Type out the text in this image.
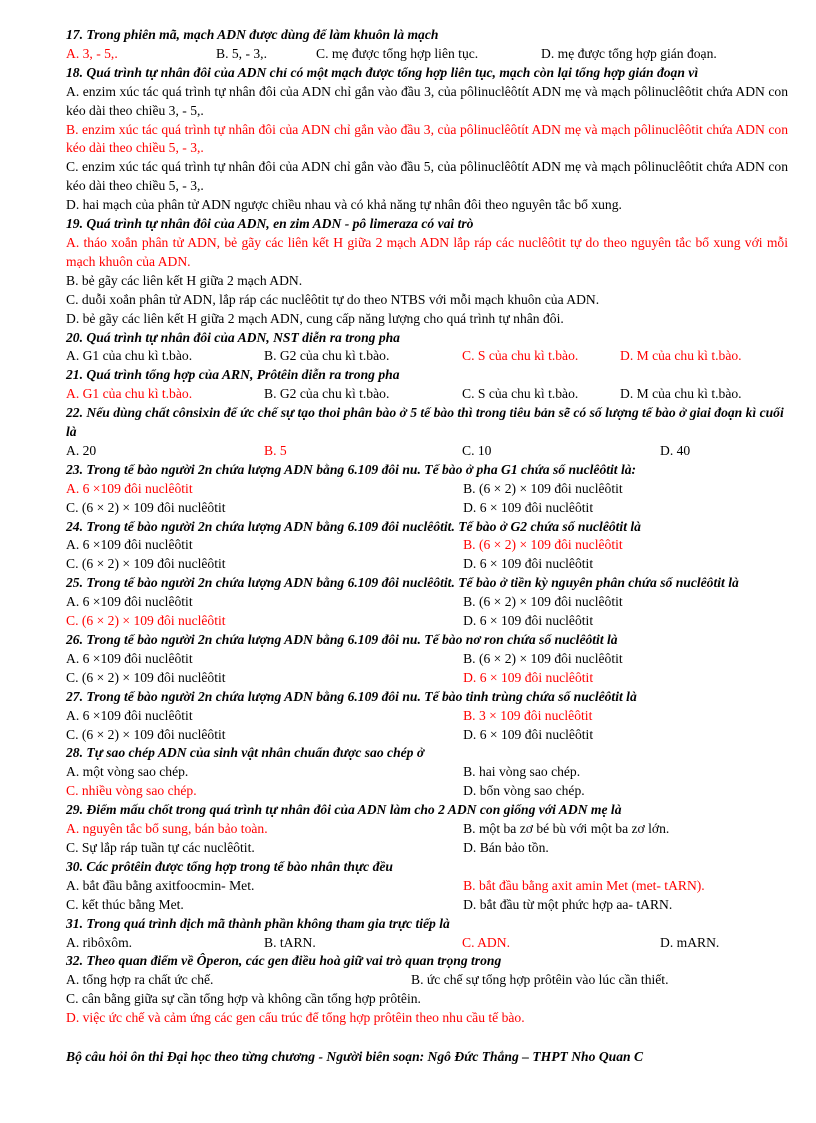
17. Trong phiên mã, mạch ADN được dùng để làm khuôn là mạch
A. 3, - 5,.	B. 5, - 3,.	C. mẹ được tổng hợp liên tục.	D. mẹ được tổng hợp gián đoạn.
18. Quá trình tự nhân đôi của ADN chỉ có một mạch được tổng hợp liên tục, mạch còn lại tổng hợp gián đoạn vì
A. enzim xúc tác quá trình tự nhân đôi của ADN chỉ gắn vào đầu 3, của pôlinuclêôtít ADN mẹ và mạch pôlinuclêôtit chứa ADN con kéo dài theo chiều 3, - 5,.
B. enzim xúc tác quá trình tự nhân đôi của ADN chỉ gắn vào đầu 3, của pôlinuclêôtít ADN mẹ và mạch pôlinuclêôtit chứa ADN con kéo dài theo chiều 5, - 3,.
C. enzim xúc tác quá trình tự nhân đôi của ADN chỉ gắn vào đầu 5, của pôlinuclêôtít ADN mẹ và mạch pôlinuclêôtit chứa ADN con kéo dài theo chiều 5, - 3,.
D. hai mạch của phân tử ADN ngược chiều nhau và có khả năng tự nhân đôi theo nguyên tắc bổ xung.
19. Quá trình tự nhân đôi của ADN, en zim ADN - pô limeraza có vai trò
A. tháo xoắn phân tử ADN, bẻ gãy các liên kết H giữa 2 mạch ADN lắp ráp các nuclêôtit tự do theo nguyên tắc bổ xung với mỗi mạch khuôn của ADN.
B. bẻ gãy các liên kết H giữa 2 mạch ADN.
C. duỗi xoắn phân tử ADN, lắp ráp các nuclêôtit tự do theo NTBS với mỗi mạch khuôn của ADN.
D. bẻ gãy các liên kết H giữa 2 mạch ADN, cung cấp năng lượng cho quá trình tự nhân đôi.
20. Quá trình tự nhân đôi của ADN, NST diễn ra trong pha
A. G1 của chu kì t.bào.	B. G2 của chu kì t.bào.	C. S của chu kì t.bào.	D. M của chu kì t.bào.
21. Quá trình tổng hợp của ARN, Prôtêin diễn ra trong pha
A. G1 của chu kì t.bào.	B. G2 của chu kì t.bào.	C. S của chu kì t.bào.	D. M của chu kì t.bào.
22. Nếu dùng chất cônsixin để ức chế sự tạo thoi phân bào ở 5 tế bào thì trong tiêu bản sẽ có số lượng tế bào ở giai đoạn kì cuối là
A. 20	B. 5	C. 10	D. 40
23. Trong tế bào người 2n chứa lượng ADN bằng 6.109 đôi nu. Tế bào ở pha G1 chứa số nuclêôtit là:
A. 6 ×109 đôi nuclêôtit	B. (6 × 2) × 109 đôi nuclêôtit
C. (6 × 2) × 109 đôi nuclêôtit	D. 6 × 109 đôi nuclêôtit
24. Trong tế bào người 2n chứa lượng ADN bằng 6.109 đôi nuclêôtit. Tế bào ở G2 chứa số nuclêôtit là
A. 6 ×109 đôi nuclêôtit	B. (6 × 2) × 109 đôi nuclêôtit
C. (6 × 2) × 109 đôi nuclêôtit	D. 6 × 109 đôi nuclêôtit
25. Trong tế bào người 2n chứa lượng ADN bằng 6.109 đôi nuclêôtit. Tế bào ở tiền kỳ nguyên phân chứa số nuclêôtit là
A. 6 ×109 đôi nuclêôtit	B. (6 × 2) × 109 đôi nuclêôtit
C. (6 × 2) × 109 đôi nuclêôtit	D. 6 × 109 đôi nuclêôtit
26. Trong tế bào người 2n chứa lượng ADN bằng 6.109 đôi nu. Tế bào nơ ron chứa số nuclêôtit là
A. 6 ×109 đôi nuclêôtit	B. (6 × 2) × 109 đôi nuclêôtit
C. (6 × 2) × 109 đôi nuclêôtit	D. 6 × 109 đôi nuclêôtit
27. Trong tế bào người 2n chứa lượng ADN bằng 6.109 đôi nu. Tế bào tinh trùng chứa số nuclêôtit là
A. 6 ×109 đôi nuclêôtit	B. 3 × 109 đôi nuclêôtit
C. (6 × 2) × 109 đôi nuclêôtit	D. 6 × 109 đôi nuclêôtit
28. Tự sao chép ADN của sinh vật nhân chuẩn được sao chép ở
A. một vòng sao chép.	B. hai vòng sao chép.
C. nhiều vòng sao chép.	D. bốn vòng sao chép.
29. Điểm mấu chốt trong quá trình tự nhân đôi của ADN làm cho 2 ADN con giống với ADN mẹ là
A. nguyên tắc bổ sung, bán bảo toàn.	B. một ba zơ bé bù với một ba zơ lớn.
C. Sự lắp ráp tuần tự các nuclêôtit.	D. Bán bảo tồn.
30. Các prôtêin được tổng hợp trong tế bào nhân thực đều
A. bắt đầu bằng axitfoocmin- Met.	B. bắt đầu bằng axit amin Met (met- tARN).
C. kết thúc bằng Met.	D. bắt đầu từ một phức hợp aa- tARN.
31. Trong quá trình dịch mã thành phần không tham gia trực tiếp là
A. ribôxôm.	B. tARN.	C. ADN.	D. mARN.
32. Theo quan điểm về Ôperon, các gen điều hoà giữ vai trò quan trọng trong
A. tổng hợp ra chất ức chế.	B. ức chế sự tổng hợp prôtêin vào lúc cần thiết.
C. cân bằng giữa sự cần tổng hợp và không cần tổng hợp prôtêin.
D. việc ức chế và cảm ứng các gen cấu trúc để tổng hợp prôtêin theo nhu cầu tế bào.
Bộ câu hỏi ôn thi Đại học theo từng chương - Người biên soạn: Ngô Đức Thắng – THPT Nho Quan C
